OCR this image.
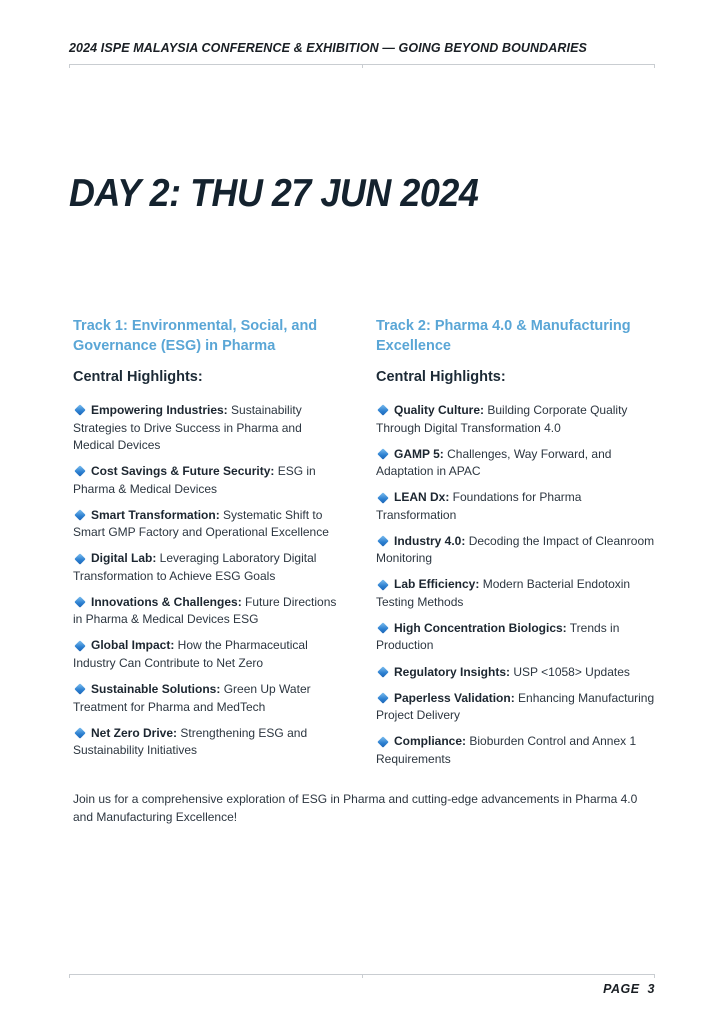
2024 ISPE MALAYSIA CONFERENCE & EXHIBITION — GOING BEYOND BOUNDARIES
DAY 2: THU 27 JUN 2024
Track 1: Environmental, Social, and Governance (ESG) in Pharma
Central Highlights:

Empowering Industries: Sustainability Strategies to Drive Success in Pharma and Medical Devices

Cost Savings & Future Security: ESG in Pharma & Medical Devices

Smart Transformation: Systematic Shift to Smart GMP Factory and Operational Excellence

Digital Lab: Leveraging Laboratory Digital Transformation to Achieve ESG Goals

Innovations & Challenges: Future Directions in Pharma & Medical Devices ESG

Global Impact: How the Pharmaceutical Industry Can Contribute to Net Zero

Sustainable Solutions: Green Up Water Treatment for Pharma and MedTech

Net Zero Drive: Strengthening ESG and Sustainability Initiatives

Track 2: Pharma 4.0 & Manufacturing Excellence
Central Highlights:

Quality Culture: Building Corporate Quality Through Digital Transformation 4.0

GAMP 5: Challenges, Way Forward, and Adaptation in APAC

LEAN Dx: Foundations for Pharma Transformation

Industry 4.0: Decoding the Impact of Cleanroom Monitoring

Lab Efficiency: Modern Bacterial Endotoxin Testing Methods

High Concentration Biologics: Trends in Production

Regulatory Insights: USP <1058> Updates

Paperless Validation: Enhancing Manufacturing Project Delivery

Compliance: Bioburden Control and Annex 1 Requirements

Join us for a comprehensive exploration of ESG in Pharma and cutting-edge advancements in Pharma 4.0 and Manufacturing Excellence!

PAGE  3
